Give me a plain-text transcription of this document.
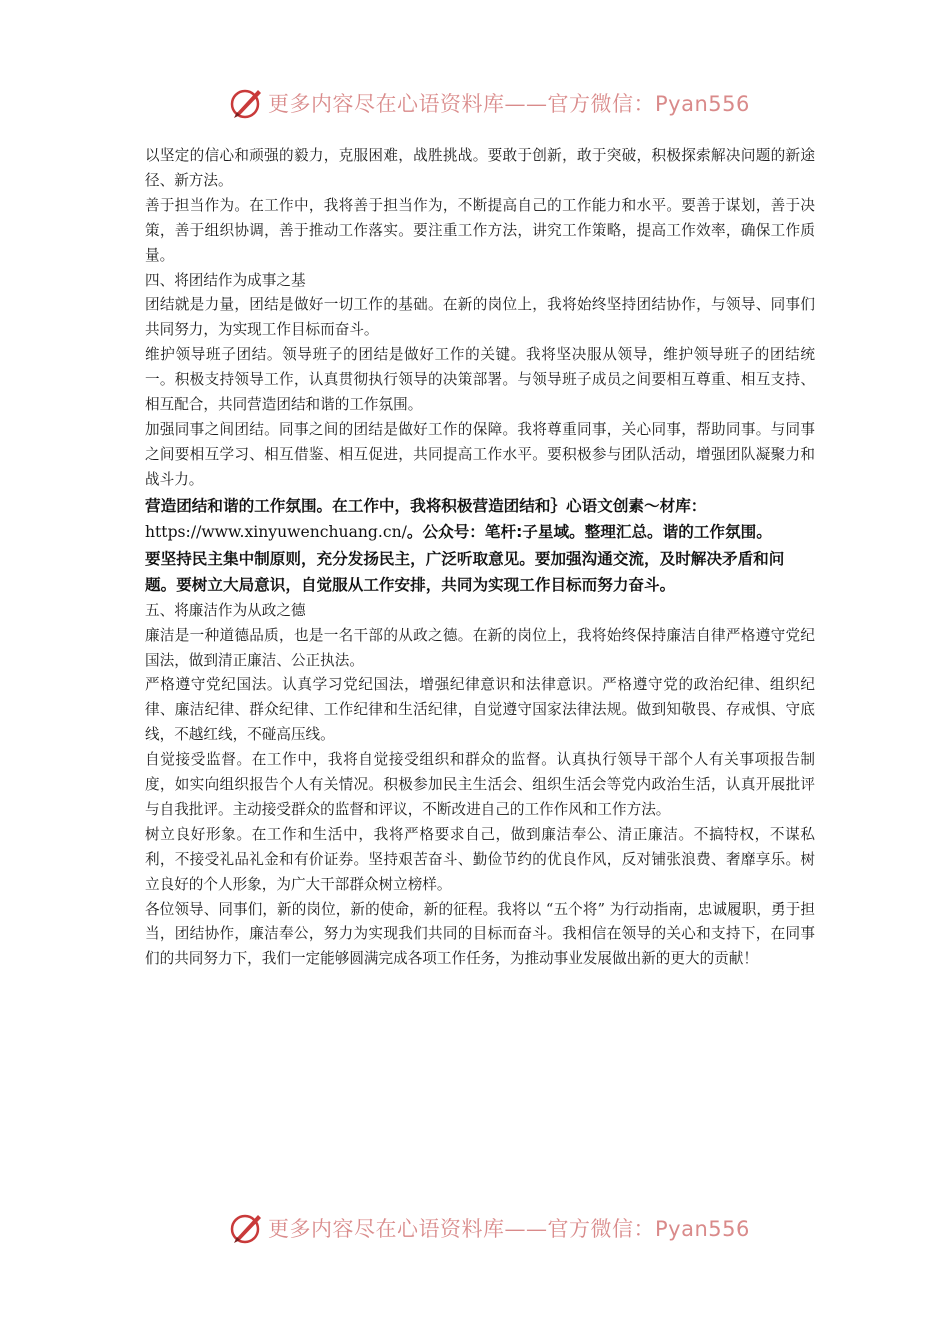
更多内容尽在心语资料库——官方微信：Pyan556

以坚定的信心和顽强的毅力，克服困难，战胜挑战。要敢于创新，敢于突破，积极探索解决问题的新途径、新方法。

善于担当作为。在工作中，我将善于担当作为，不断提高自己的工作能力和水平。要善于谋划，善于决策，善于组织协调，善于推动工作落实。要注重工作方法，讲究工作策略，提高工作效率，确保工作质量。

四、将团结作为成事之基

团结就是力量，团结是做好一切工作的基础。在新的岗位上，我将始终坚持团结协作，与领导、同事们共同努力，为实现工作目标而奋斗。

维护领导班子团结。领导班子的团结是做好工作的关键。我将坚决服从领导，维护领导班子的团结统一。积极支持领导工作，认真贯彻执行领导的决策部署。与领导班子成员之间要相互尊重、相互支持、相互配合，共同营造团结和谐的工作氛围。

加强同事之间团结。同事之间的团结是做好工作的保障。我将尊重同事，关心同事，帮助同事。与同事之间要相互学习、相互借鉴、相互促进，共同提高工作水平。要积极参与团队活动，增强团队凝聚力和战斗力。

营造团结和谐的工作氛围。在工作中，我将积极营造团结和｝心语文创素～材库：

https://www.xinyuwenchuang.cn/。公众号：笔杆:子星域。整理汇总。谐的工作氛围。

要坚持民主集中制原则，充分发扬民主，广泛听取意见。要加强沟通交流，及时解决矛盾和问题。要树立大局意识，自觉服从工作安排，共同为实现工作目标而努力奋斗。

五、将廉洁作为从政之德

廉洁是一种道德品质，也是一名干部的从政之德。在新的岗位上，我将始终保持廉洁自律严格遵守党纪国法，做到清正廉洁、公正执法。

严格遵守党纪国法。认真学习党纪国法，增强纪律意识和法律意识。严格遵守党的政治纪律、组织纪律、廉洁纪律、群众纪律、工作纪律和生活纪律，自觉遵守国家法律法规。做到知敬畏、存戒惧、守底线，不越红线，不碰高压线。

自觉接受监督。在工作中，我将自觉接受组织和群众的监督。认真执行领导干部个人有关事项报告制度，如实向组织报告个人有关情况。积极参加民主生活会、组织生活会等党内政治生活，认真开展批评与自我批评。主动接受群众的监督和评议，不断改进自己的工作作风和工作方法。

树立良好形象。在工作和生活中，我将严格要求自己，做到廉洁奉公、清正廉洁。不搞特权，不谋私利，不接受礼品礼金和有价证券。坚持艰苦奋斗、勤俭节约的优良作风，反对铺张浪费、奢靡享乐。树立良好的个人形象，为广大干部群众树立榜样。

各位领导、同事们，新的岗位，新的使命，新的征程。我将以 “五个将” 为行动指南，忠诚履职，勇于担当，团结协作，廉洁奉公，努力为实现我们共同的目标而奋斗。我相信在领导的关心和支持下，在同事们的共同努力下，我们一定能够圆满完成各项工作任务，为推动事业发展做出新的更大的贡献！

更多内容尽在心语资料库——官方微信：Pyan556
